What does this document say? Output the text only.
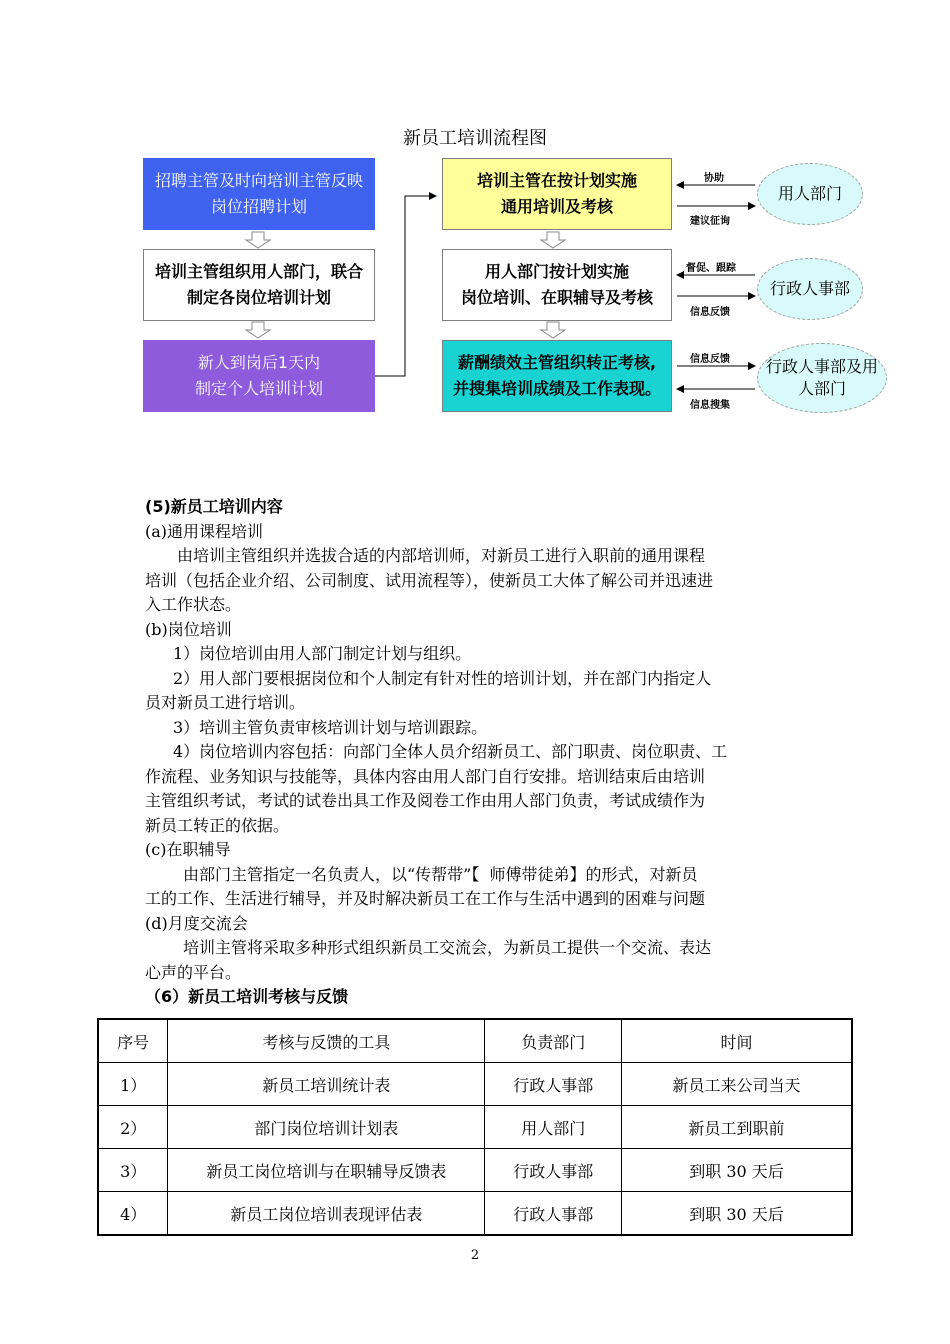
新员工培训流程图
招聘主管及时向培训主管反映
岗位招聘计划
培训主管组织用人部门，联合
制定各岗位培训计划
新人到岗后1天内
制定个人培训计划
培训主管在按计划实施
通用培训及考核
用人部门按计划实施
岗位培训、在职辅导及考核
薪酬绩效主管组织转正考核,
并搜集培训成绩及工作表现。
用人部门
行政人事部
行政人事部及用
人部门
协助
建议征询
督促、跟踪
信息反馈
信息反馈
信息搜集
(5)新员工培训内容
(a)通用课程培训
由培训主管组织并选拔合适的内部培训师，对新员工进行入职前的通用课程
培训（包括企业介绍、公司制度、试用流程等），使新员工大体了解公司并迅速进
入工作状态。
(b)岗位培训
1）岗位培训由用人部门制定计划与组织。
2）用人部门要根据岗位和个人制定有针对性的培训计划，并在部门内指定人
员对新员工进行培训。
3）培训主管负责审核培训计划与培训跟踪。
4）岗位培训内容包括：向部门全体人员介绍新员工、部门职责、岗位职责、工
作流程、业务知识与技能等，具体内容由用人部门自行安排。培训结束后由培训
主管组织考试，考试的试卷出具工作及阅卷工作由用人部门负责，考试成绩作为
新员工转正的依据。
(c)在职辅导
由部门主管指定一名负责人，以“传帮带”【  师傅带徒弟】的形式，对新员
工的工作、生活进行辅导，并及时解决新员工在工作与生活中遇到的困难与问题
(d)月度交流会
培训主管将采取多种形式组织新员工交流会，为新员工提供一个交流、表达
心声的平台。
（6）新员工培训考核与反馈
序号	考核与反馈的工具	负责部门	时间
1）	新员工培训统计表	行政人事部	新员工来公司当天
2）	部门岗位培训计划表	用人部门	新员工到职前
3）	新员工岗位培训与在职辅导反馈表	行政人事部	到职 30 天后
4）	新员工岗位培训表现评估表	行政人事部	到职 30 天后
2
